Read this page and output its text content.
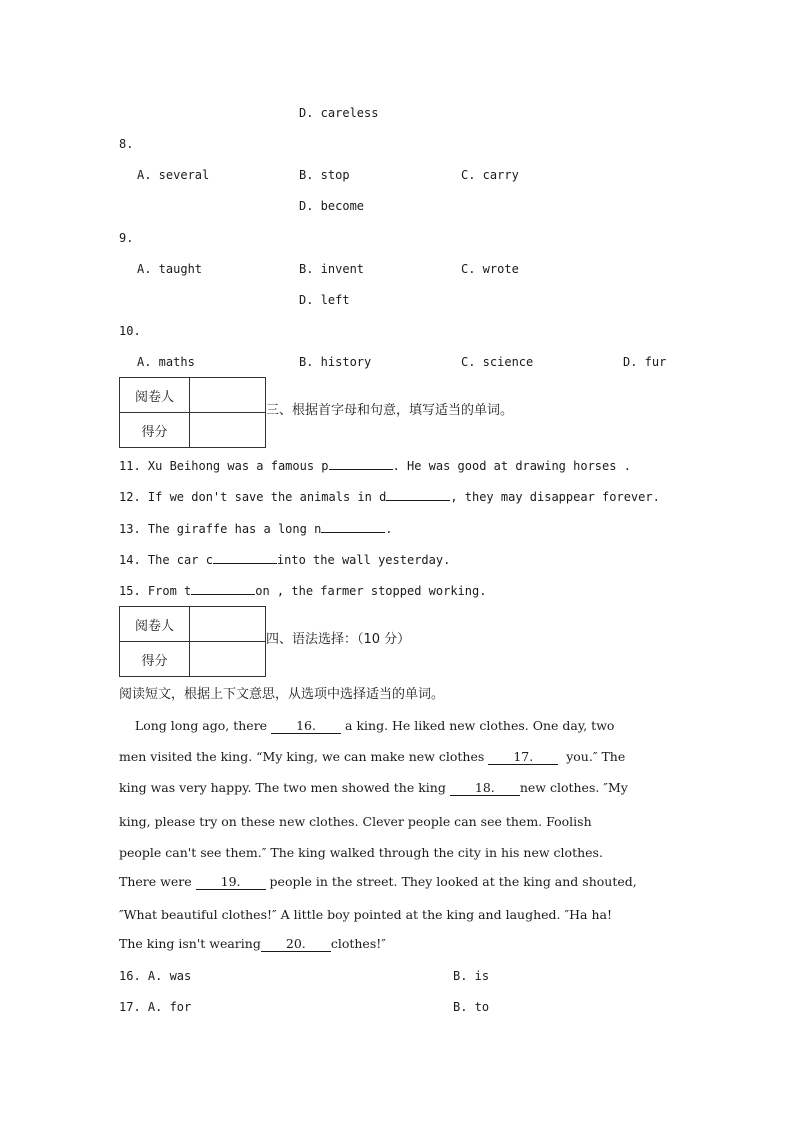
D. careless
8.
A. several	B. stop	C. carry
D. become
9.
A. taught	B. invent	C. wrote
D. left
10.
A. maths	B. history	C. science	D. fur
阅卷人	
得分	
三、根据首字母和句意，填写适当的单词。
11. Xu Beihong was a famous p	. He was good at drawing horses .
12. If we don't save the animals in d	, they may disappear forever.
13. The giraffe has a long n	.
14. The car c	into the wall yesterday.
15. From t	on , the farmer stopped working.
阅卷人	
得分	
四、语法选择：（10 分）
阅读短文，根据上下文意思，从选项中选择适当的单词。
Long long ago, there 16. a king. He liked new clothes. One day, two
men visited the king. “My king, we can make new clothes 17.  you.″ The
king was very happy. The two men showed the king 18. new clothes. ″My
king, please try on these new clothes. Clever people can see them. Foolish
people can't see them.″ The king walked through the city in his new clothes.
There were 19. people in the street. They looked at the king and shouted,
″What beautiful clothes!″ A little boy pointed at the king and laughed. ″Ha ha!
The king isn't wearing 20. clothes!″
16. A. was	B. is
17. A. for	B. to
